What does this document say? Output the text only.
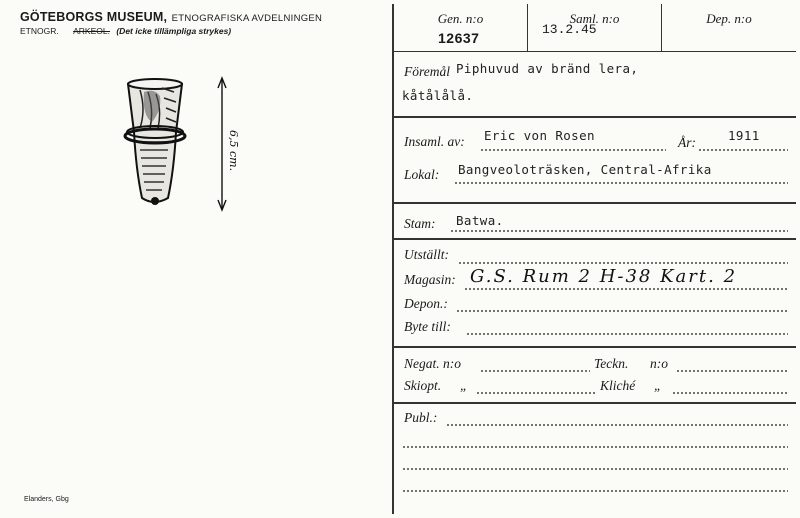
GÖTEBORGS MUSEUM, ETNOGRAFISKA AVDELNINGEN
ETNOGR. ARKEOL. (Det icke tillämpliga strykes)
6,5 cm.
Elanders, Gbg
Gen. n:o
12637
Saml. n:o
13.2.45
Dep. n:o
Föremål Piphuvud av bränd lera,
kåtålålå.
Insaml. av: Eric von Rosen	År:	1911
Lokal: Bangveoloträsken, Central-Afrika
Stam: Batwa.
Utställt:
Magasin: G.S. Rum 2 H-38 Kart. 2
Depon.:
Byte till:
Negat. n:o	Teckn. n:o
Skiopt. „	Kliché „
Publ.:
